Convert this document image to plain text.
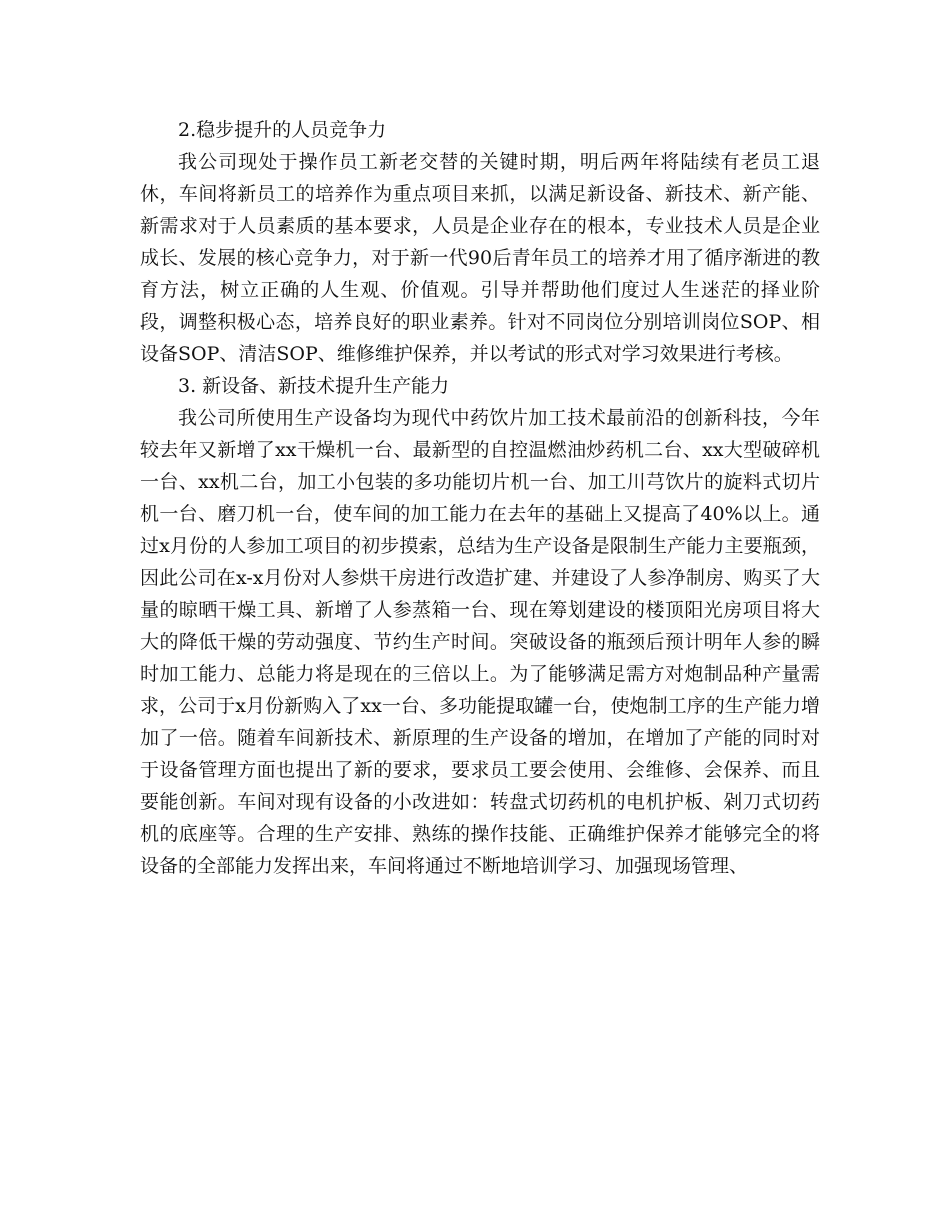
2.稳步提升的人员竞争力

我公司现处于操作员工新老交替的关键时期，明后两年将陆续有老员工退休，车间将新员工的培养作为重点项目来抓，以满足新设备、新技术、新产能、新需求对于人员素质的基本要求，人员是企业存在的根本，专业技术人员是企业成长、发展的核心竞争力，对于新一代90后青年员工的培养才用了循序渐进的教育方法，树立正确的人生观、价值观。引导并帮助他们度过人生迷茫的择业阶段，调整积极心态，培养良好的职业素养。针对不同岗位分别培训岗位SOP、相设备SOP、清洁SOP、维修维护保养，并以考试的形式对学习效果进行考核。

3. 新设备、新技术提升生产能力

我公司所使用生产设备均为现代中药饮片加工技术最前沿的创新科技，今年较去年又新增了xx干燥机一台、最新型的自控温燃油炒药机二台、xx大型破碎机一台、xx机二台，加工小包装的多功能切片机一台、加工川芎饮片的旋料式切片机一台、磨刀机一台，使车间的加工能力在去年的基础上又提高了40%以上。通过x月份的人参加工项目的初步摸索，总结为生产设备是限制生产能力主要瓶颈，因此公司在x-x月份对人参烘干房进行改造扩建、并建设了人参净制房、购买了大量的晾晒干燥工具、新增了人参蒸箱一台、现在筹划建设的楼顶阳光房项目将大大的降低干燥的劳动强度、节约生产时间。突破设备的瓶颈后预计明年人参的瞬时加工能力、总能力将是现在的三倍以上。为了能够满足需方对炮制品种产量需求，公司于x月份新购入了xx一台、多功能提取罐一台，使炮制工序的生产能力增加了一倍。随着车间新技术、新原理的生产设备的增加，在增加了产能的同时对于设备管理方面也提出了新的要求，要求员工要会使用、会维修、会保养、而且要能创新。车间对现有设备的小改进如：转盘式切药机的电机护板、剁刀式切药机的底座等。合理的生产安排、熟练的操作技能、正确维护保养才能够完全的将设备的全部能力发挥出来，车间将通过不断地培训学习、加强现场管理、
